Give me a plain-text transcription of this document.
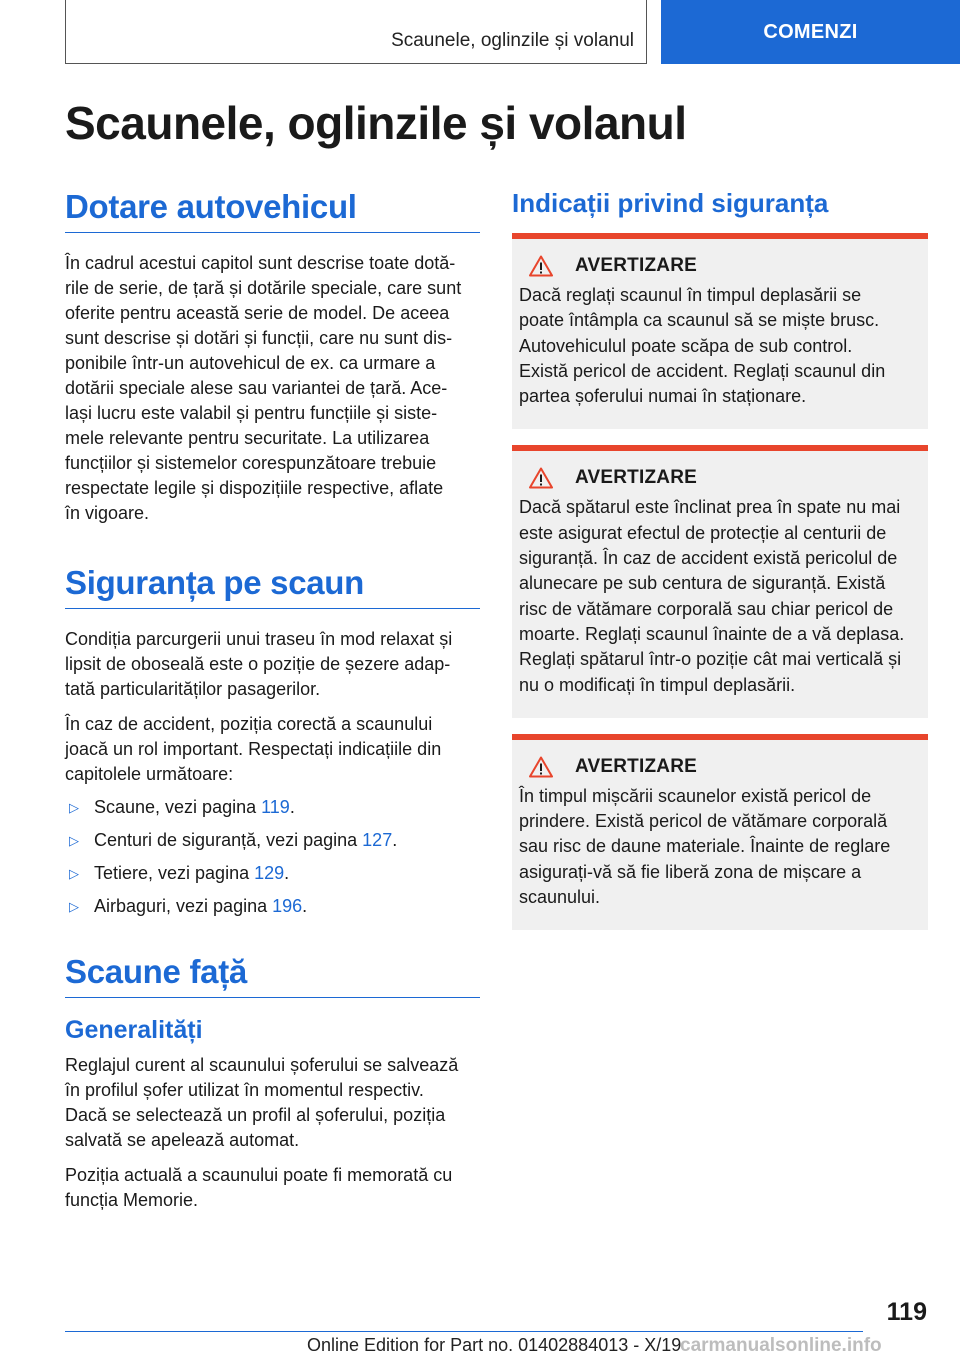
Scaunele, oglinzile și volanul	COMENZI
Scaunele, oglinzile și volanul
Dotare autovehicul

În cadrul acestui capitol sunt descrise toate dotă‐
rile de serie, de țară și dotările speciale, care sunt
oferite pentru această serie de model. De aceea
sunt descrise și dotări și funcții, care nu sunt dis‐
ponibile într-un autovehicul de ex. ca urmare a
dotării speciale alese sau variantei de țară. Ace‐
lași lucru este valabil și pentru funcțiile și siste‐
mele relevante pentru securitate. La utilizarea
funcțiilor și sistemelor corespunzătoare trebuie
respectate legile și dispozițiile respective, aflate
în vigoare.

Siguranța pe scaun

Condiția parcurgerii unui traseu în mod relaxat și
lipsit de oboseală este o poziție de șezere adap‐
tată particularităților pasagerilor.

În caz de accident, poziția corectă a scaunului
joacă un rol important. Respectați indicațiile din
capitolele următoare:

▷ Scaune, vezi pagina 119.
▷ Centuri de siguranță, vezi pagina 127.
▷ Tetiere, vezi pagina 129.
▷ Airbaguri, vezi pagina 196.
Scaune față
Generalități

Reglajul curent al scaunului șoferului se salvează
în profilul șofer utilizat în momentul respectiv.
Dacă se selectează un profil al șoferului, poziția
salvată se apelează automat.

Poziția actuală a scaunului poate fi memorată cu
funcția Memorie.

Indicații privind siguranța
AVERTIZARE

Dacă reglați scaunul în timpul deplasării se
poate întâmpla ca scaunul să se miște brusc.
Autovehiculul poate scăpa de sub control.
Există pericol de accident. Reglați scaunul din
partea șoferului numai în staționare.

AVERTIZARE

Dacă spătarul este înclinat prea în spate nu mai
este asigurat efectul de protecție al centurii de
siguranță. În caz de accident există pericolul de
alunecare pe sub centura de siguranță. Există
risc de vătămare corporală sau chiar pericol de
moarte. Reglați scaunul înainte de a vă deplasa.
Reglați spătarul într-o poziție cât mai verticală și
nu o modificați în timpul deplasării.

AVERTIZARE

În timpul mișcării scaunelor există pericol de
prindere. Există pericol de vătămare corporală
sau risc de daune materiale. Înainte de reglare
asigurați-vă să fie liberă zona de mișcare a
scaunului.

119
Online Edition for Part no. 01402884013 - X/19
carmanualsonline.info
